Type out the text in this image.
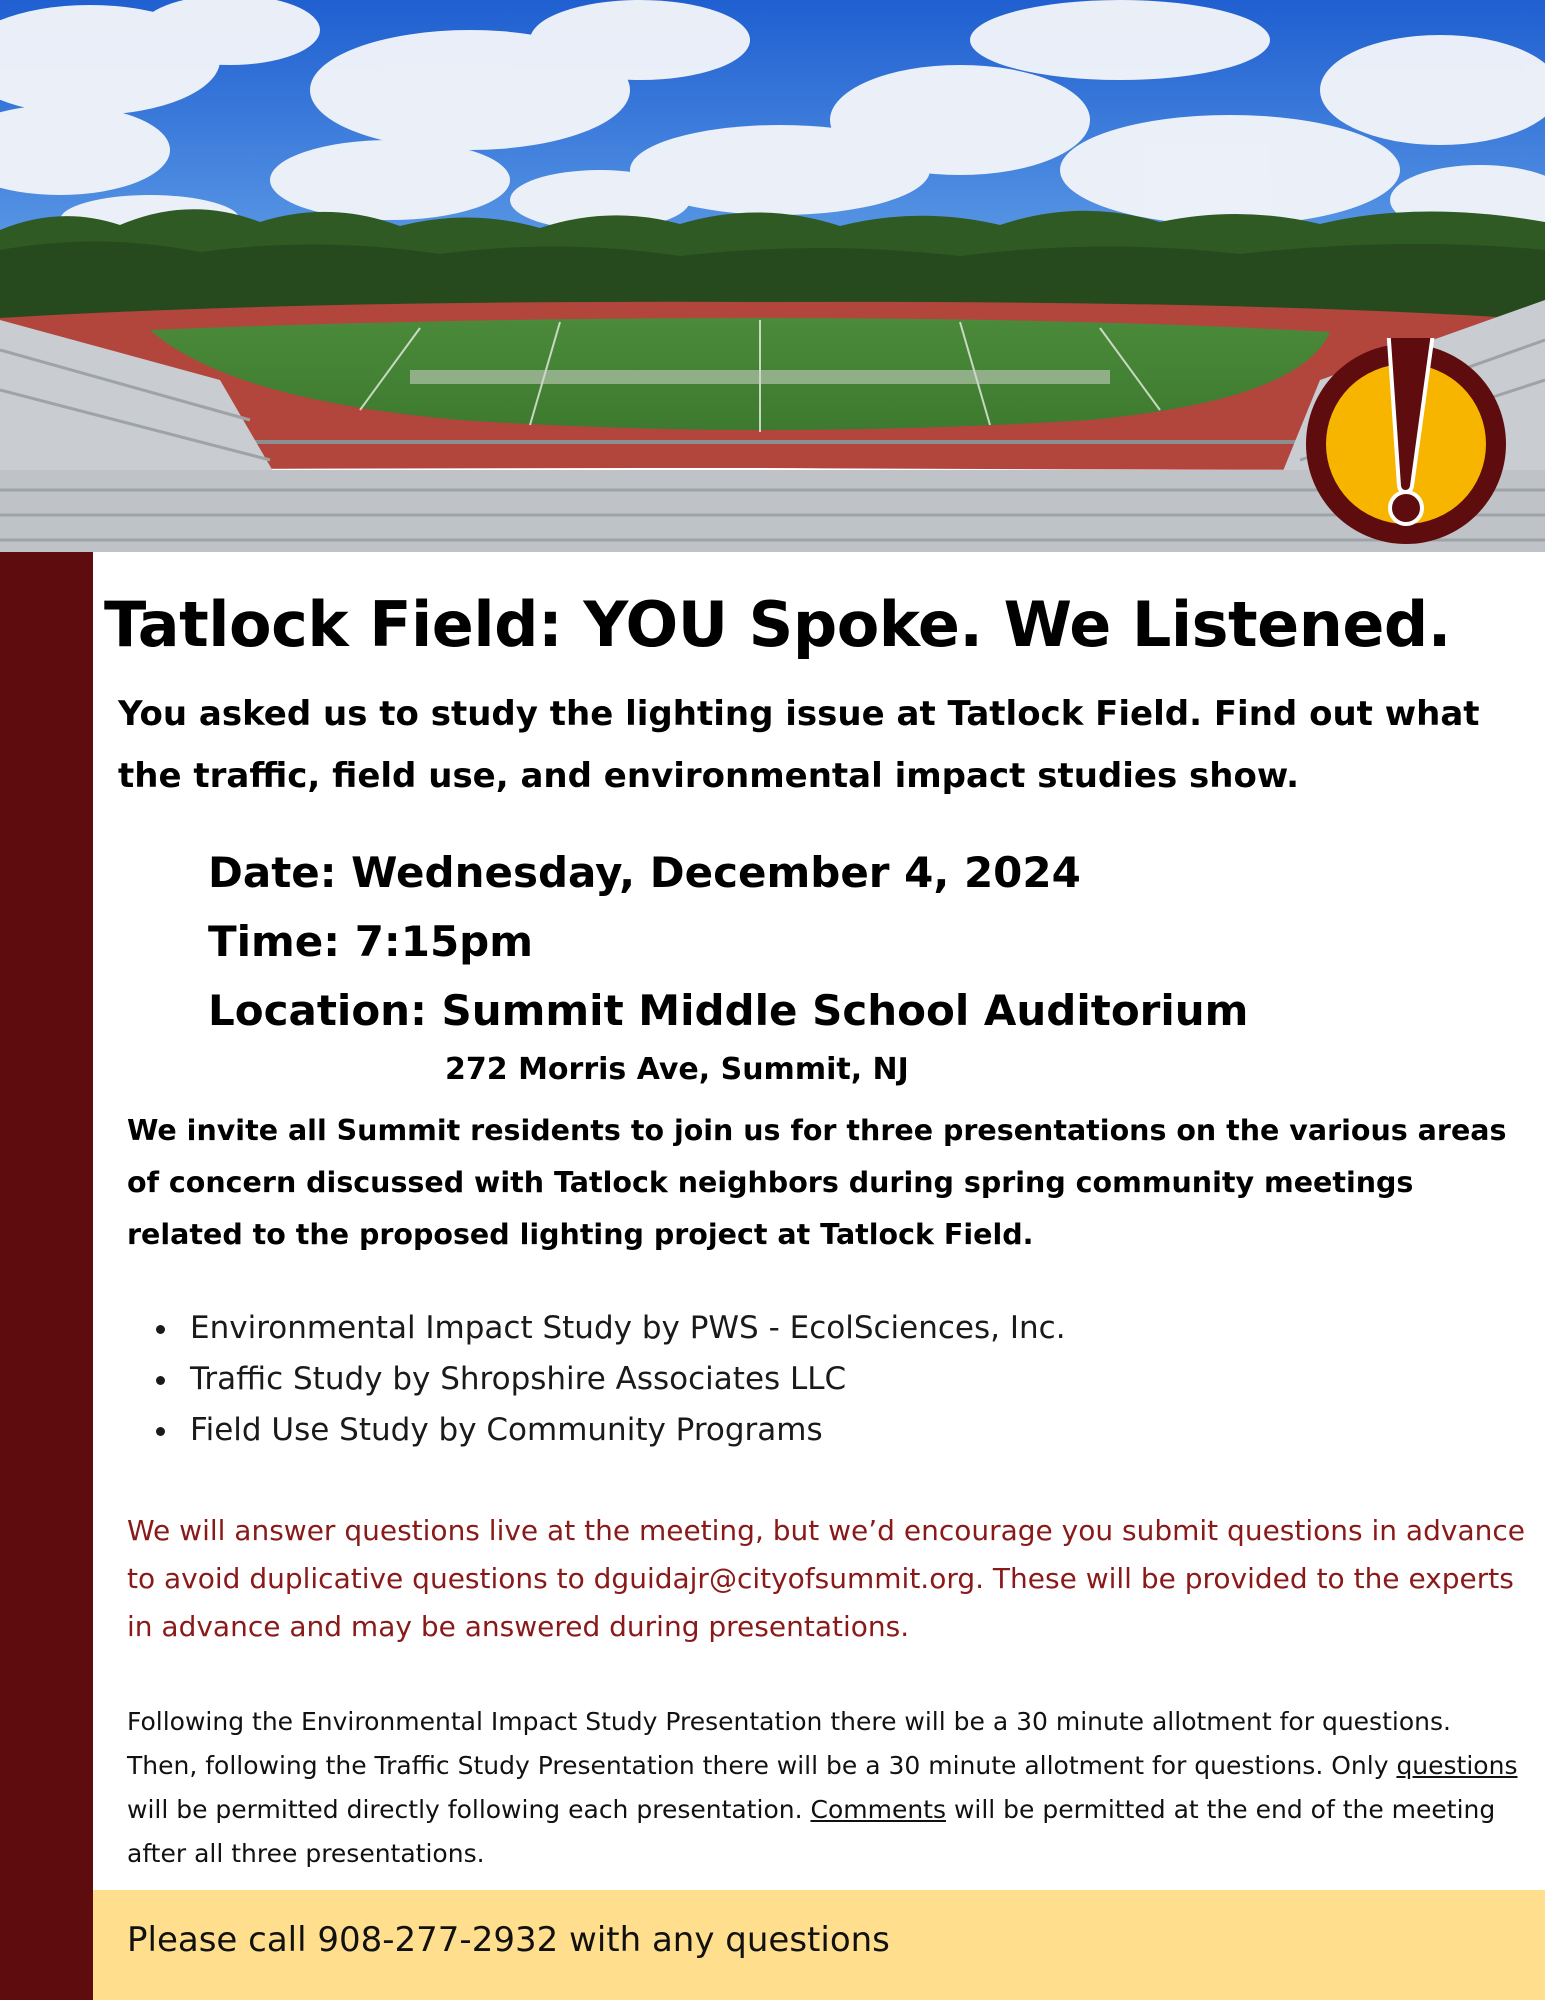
Tatlock Field: YOU Spoke. We Listened.

You asked us to study the lighting issue at Tatlock Field. Find out what the traffic, field use, and environmental impact studies show.

Date: Wednesday, December 4, 2024
Time: 7:15pm
Location: Summit Middle School Auditorium

272 Morris Ave, Summit, NJ

We invite all Summit residents to join us for three presentations on the various areas of concern discussed with Tatlock neighbors during spring community meetings related to the proposed lighting project at Tatlock Field.

Environmental Impact Study by PWS - EcolSciences, Inc.
Traffic Study by Shropshire Associates LLC
Field Use Study by Community Programs

We will answer questions live at the meeting, but we’d encourage you submit questions in advance to avoid duplicative questions to dguidajr@cityofsummit.org. These will be provided to the experts in advance and may be answered during presentations.

Following the Environmental Impact Study Presentation there will be a 30 minute allotment for questions. Then, following the Traffic Study Presentation there will be a 30 minute allotment for questions. Only questions will be permitted directly following each presentation. Comments will be permitted at the end of the meeting after all three presentations.

Please call 908-277-2932 with any questions
